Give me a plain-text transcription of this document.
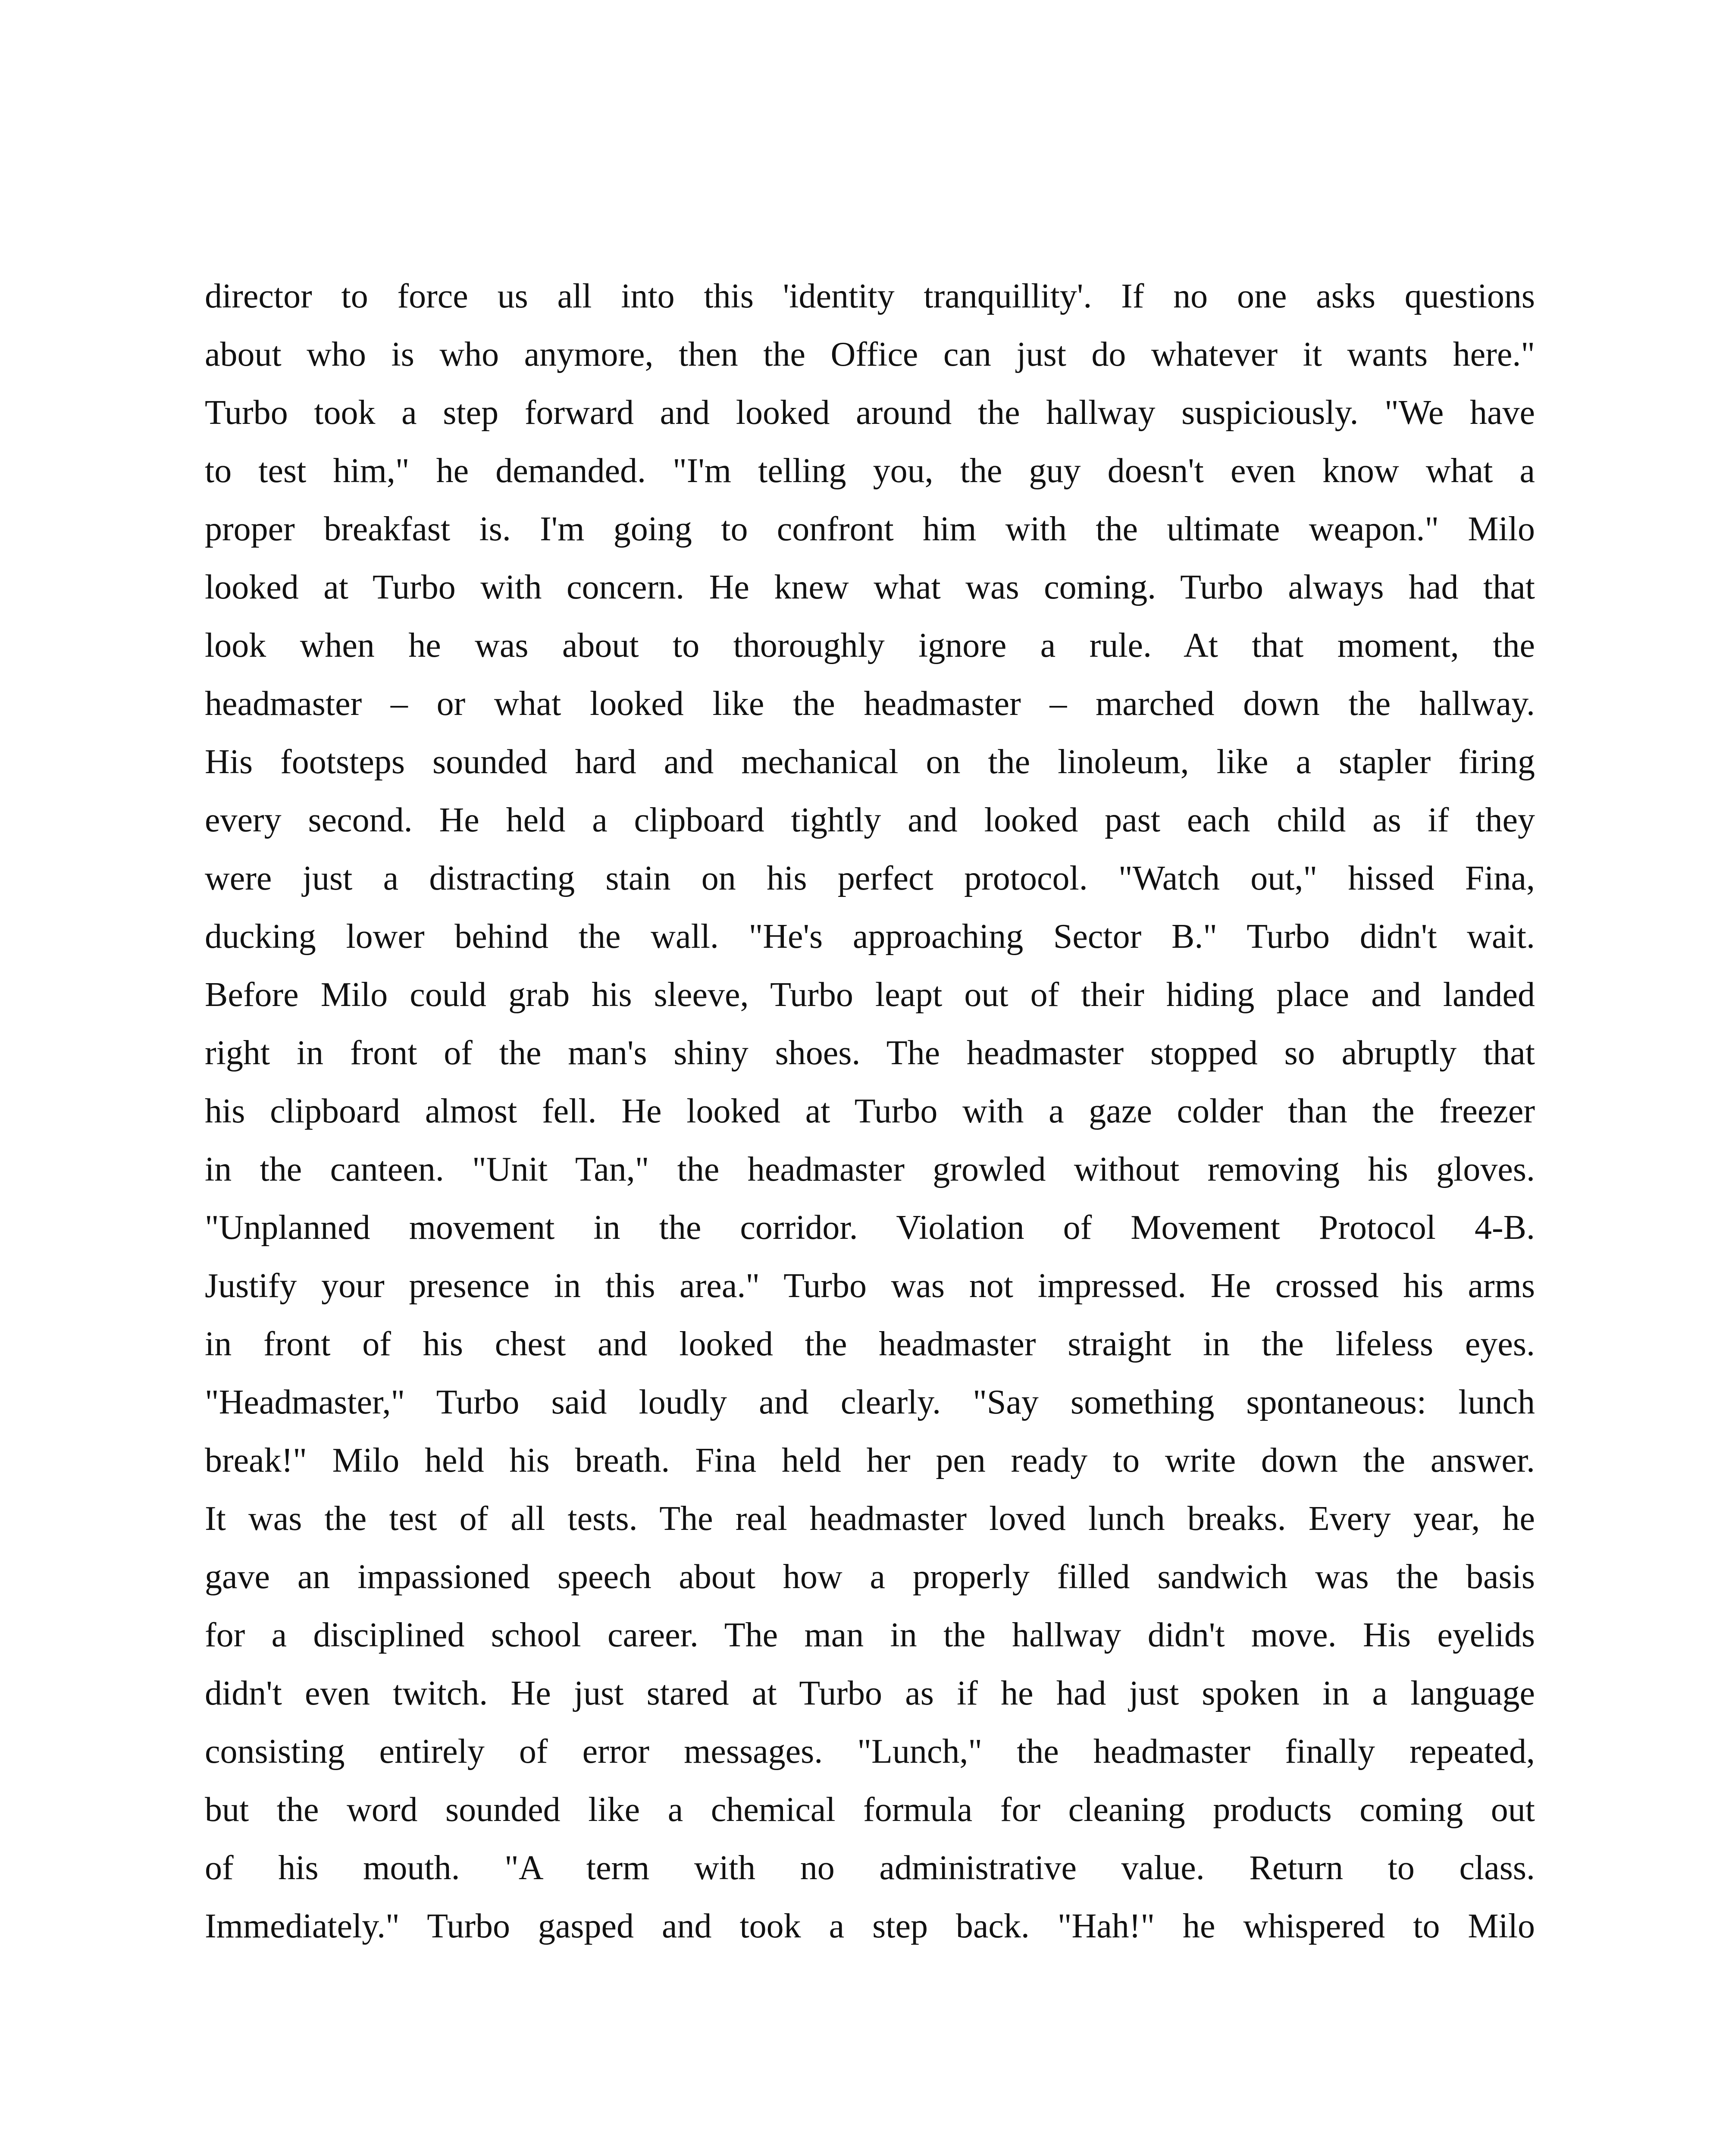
director to force us all into this 'identity tranquillity'. If no one asks questions
about who is who anymore, then the Office can just do whatever it wants here."
Turbo took a step forward and looked around the hallway suspiciously. "We have
to test him," he demanded. "I'm telling you, the guy doesn't even know what a
proper breakfast is. I'm going to confront him with the ultimate weapon." Milo
looked at Turbo with concern. He knew what was coming. Turbo always had that
look when he was about to thoroughly ignore a rule. At that moment, the
headmaster – or what looked like the headmaster – marched down the hallway.
His footsteps sounded hard and mechanical on the linoleum, like a stapler firing
every second. He held a clipboard tightly and looked past each child as if they
were just a distracting stain on his perfect protocol. "Watch out," hissed Fina,
ducking lower behind the wall. "He's approaching Sector B." Turbo didn't wait.
Before Milo could grab his sleeve, Turbo leapt out of their hiding place and landed
right in front of the man's shiny shoes. The headmaster stopped so abruptly that
his clipboard almost fell. He looked at Turbo with a gaze colder than the freezer
in the canteen. "Unit Tan," the headmaster growled without removing his gloves.
"Unplanned movement in the corridor. Violation of Movement Protocol 4-B.
Justify your presence in this area." Turbo was not impressed. He crossed his arms
in front of his chest and looked the headmaster straight in the lifeless eyes.
"Headmaster," Turbo said loudly and clearly. "Say something spontaneous: lunch
break!" Milo held his breath. Fina held her pen ready to write down the answer.
It was the test of all tests. The real headmaster loved lunch breaks. Every year, he
gave an impassioned speech about how a properly filled sandwich was the basis
for a disciplined school career. The man in the hallway didn't move. His eyelids
didn't even twitch. He just stared at Turbo as if he had just spoken in a language
consisting entirely of error messages. "Lunch," the headmaster finally repeated,
but the word sounded like a chemical formula for cleaning products coming out
of his mouth. "A term with no administrative value. Return to class.
Immediately." Turbo gasped and took a step back. "Hah!" he whispered to Milo
